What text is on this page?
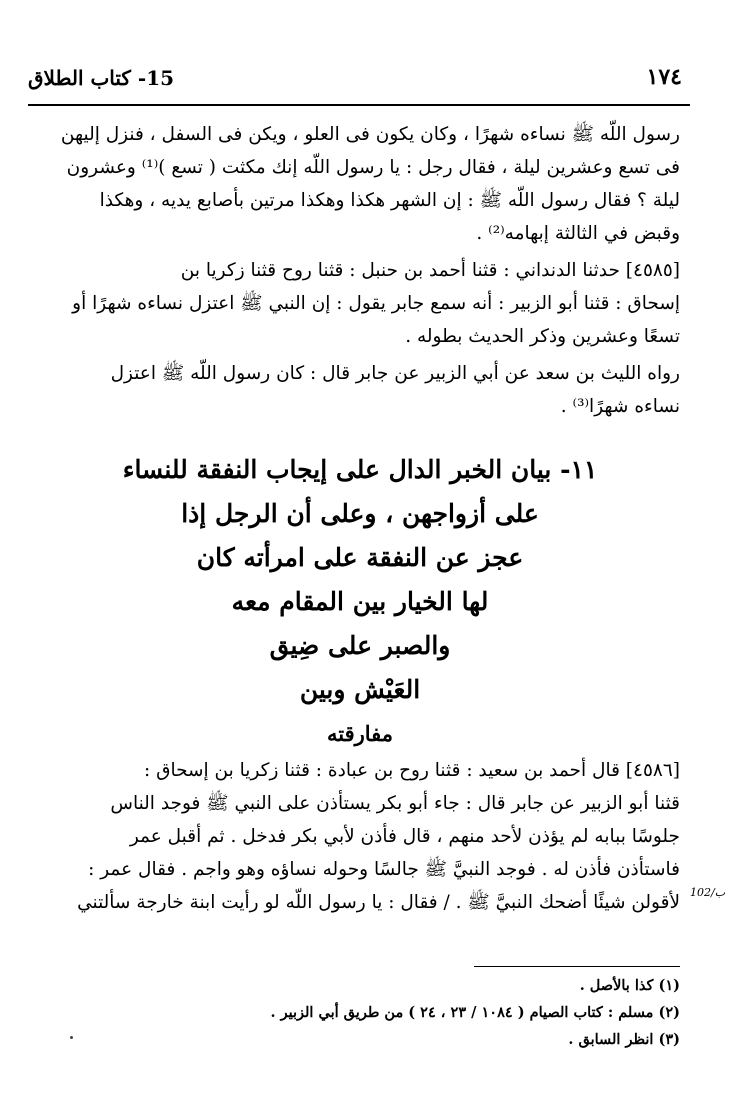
١٧٤
15- كتاب الطلاق
رسول اللّه ﷺ نساءه شهرًا ، وكان يكون فى العلو ، ويكن فى السفل ، فنزل إليهن
فى تسع وعشرين ليلة ، فقال رجل : يا رسول اللّه إنك مكثت ( تسع )⁽¹⁾ وعشرون
ليلة ؟ فقال رسول اللّه ﷺ : إن الشهر هكذا وهكذا مرتين بأصابع يديه ، وهكذا
وقبض في الثالثة إبهامه⁽²⁾ .
[٤٥٨٥] حدثنا الدنداني : قثنا أحمد بن حنبل : قثنا روح قثنا زكريا بن
إسحاق : قثنا أبو الزبير : أنه سمع جابر يقول : إن النبي ﷺ اعتزل نساءه شهرًا أو
تسعًا وعشرين وذكر الحديث بطوله .
رواه الليث بن سعد عن أبي الزبير عن جابر قال : كان رسول اللّه ﷺ اعتزل
نساءه شهرًا⁽³⁾ .
١١- بيان الخبر الدال على إيجاب النفقة للنساء
على أزواجهن ، وعلى أن الرجل إذا
عجز عن النفقة على امرأته كان
لها الخيار بين المقام معه
والصبر على ضِيق
العَيْش وبين
مفارقته
[٤٥٨٦] قال أحمد بن سعيد : قثنا روح بن عبادة : قثنا زكريا بن إسحاق :
قثنا أبو الزبير عن جابر قال : جاء أبو بكر يستأذن على النبي ﷺ فوجد الناس
جلوسًا ببابه لم يؤذن لأحد منهم ، قال فأذن لأبي بكر فدخل . ثم أقبل عمر
فاستأذن فأذن له . فوجد النبيَّ ﷺ جالسًا وحوله نساؤه وهو واجم . فقال عمر :
لأقولن شيئًا أضحك النبيَّ ﷺ . / فقال : يا رسول اللّه لو رأيت ابنة خارجة سألتني 102/ب
(١) كذا بالأصل .
(٢) مسلم : كتاب الصيام ( ١٠٨٤ / ٢٣ ، ٢٤ ) من طريق أبي الزبير .
(٣) انظر السابق .
